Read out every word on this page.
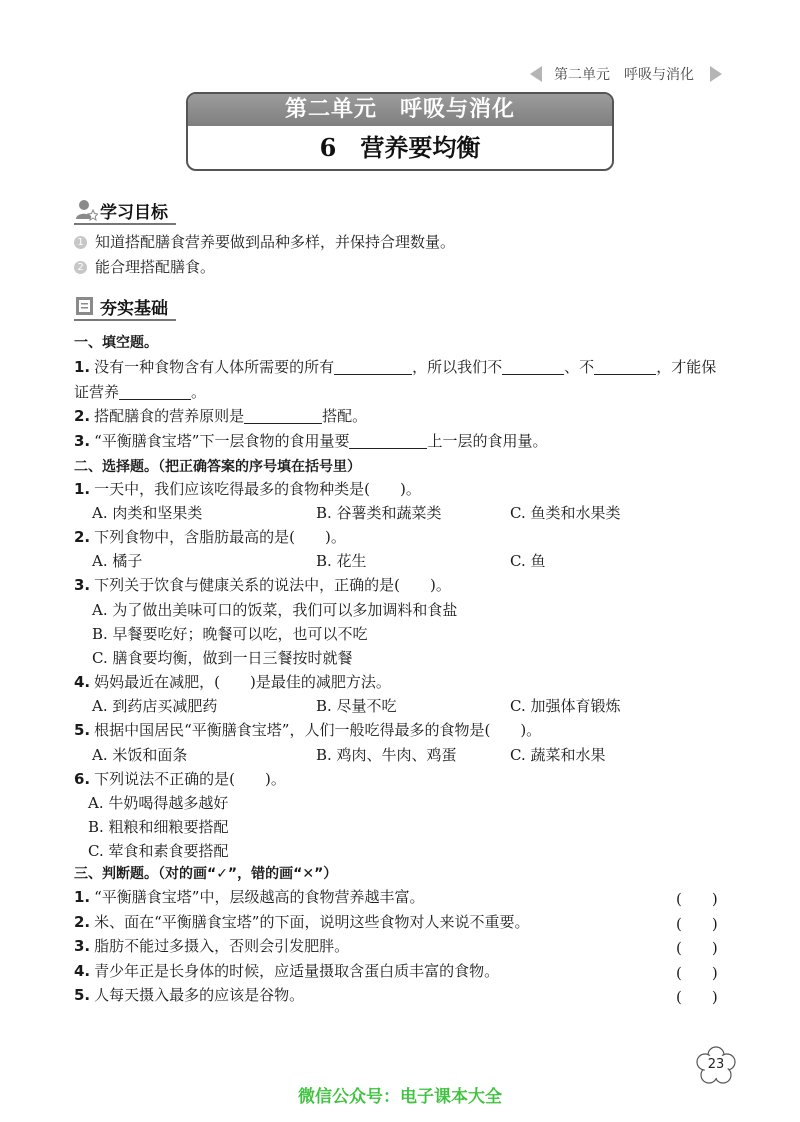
第二单元　呼吸与消化
第二单元　呼吸与消化
6　营养要均衡
学习目标
1 知道搭配膳食营养要做到品种多样，并保持合理数量。
2 能合理搭配膳食。
夯实基础
一、填空题。
1. 没有一种食物含有人体所需要的所有	，所以我们不	、不	，才能保
证营养	。
2. 搭配膳食的营养原则是	搭配。
3. “平衡膳食宝塔”下一层食物的食用量要	上一层的食用量。
二、选择题。（把正确答案的序号填在括号里）
1. 一天中，我们应该吃得最多的食物种类是(　　)。
A. 肉类和坚果类	B. 谷薯类和蔬菜类	C. 鱼类和水果类
2. 下列食物中，含脂肪最高的是(　　)。
A. 橘子	B. 花生	C. 鱼
3. 下列关于饮食与健康关系的说法中，正确的是(　　)。
A. 为了做出美味可口的饭菜，我们可以多加调料和食盐
B. 早餐要吃好；晚餐可以吃，也可以不吃
C. 膳食要均衡，做到一日三餐按时就餐
4. 妈妈最近在减肥，(　　)是最佳的减肥方法。
A. 到药店买减肥药	B. 尽量不吃	C. 加强体育锻炼
5. 根据中国居民“平衡膳食宝塔”，人们一般吃得最多的食物是(　　)。
A. 米饭和面条	B. 鸡肉、牛肉、鸡蛋	C. 蔬菜和水果
6. 下列说法不正确的是(　　)。
A. 牛奶喝得越多越好
B. 粗粮和细粮要搭配
C. 荤食和素食要搭配
三、判断题。（对的画“✓”，错的画“✕”）
1. “平衡膳食宝塔”中，层级越高的食物营养越丰富。	(　　)
2. 米、面在“平衡膳食宝塔”的下面，说明这些食物对人来说不重要。	(　　)
3. 脂肪不能过多摄入，否则会引发肥胖。	(　　)
4. 青少年正是长身体的时候，应适量摄取含蛋白质丰富的食物。	(　　)
5. 人每天摄入最多的应该是谷物。	(　　)
23
微信公众号：电子课本大全
